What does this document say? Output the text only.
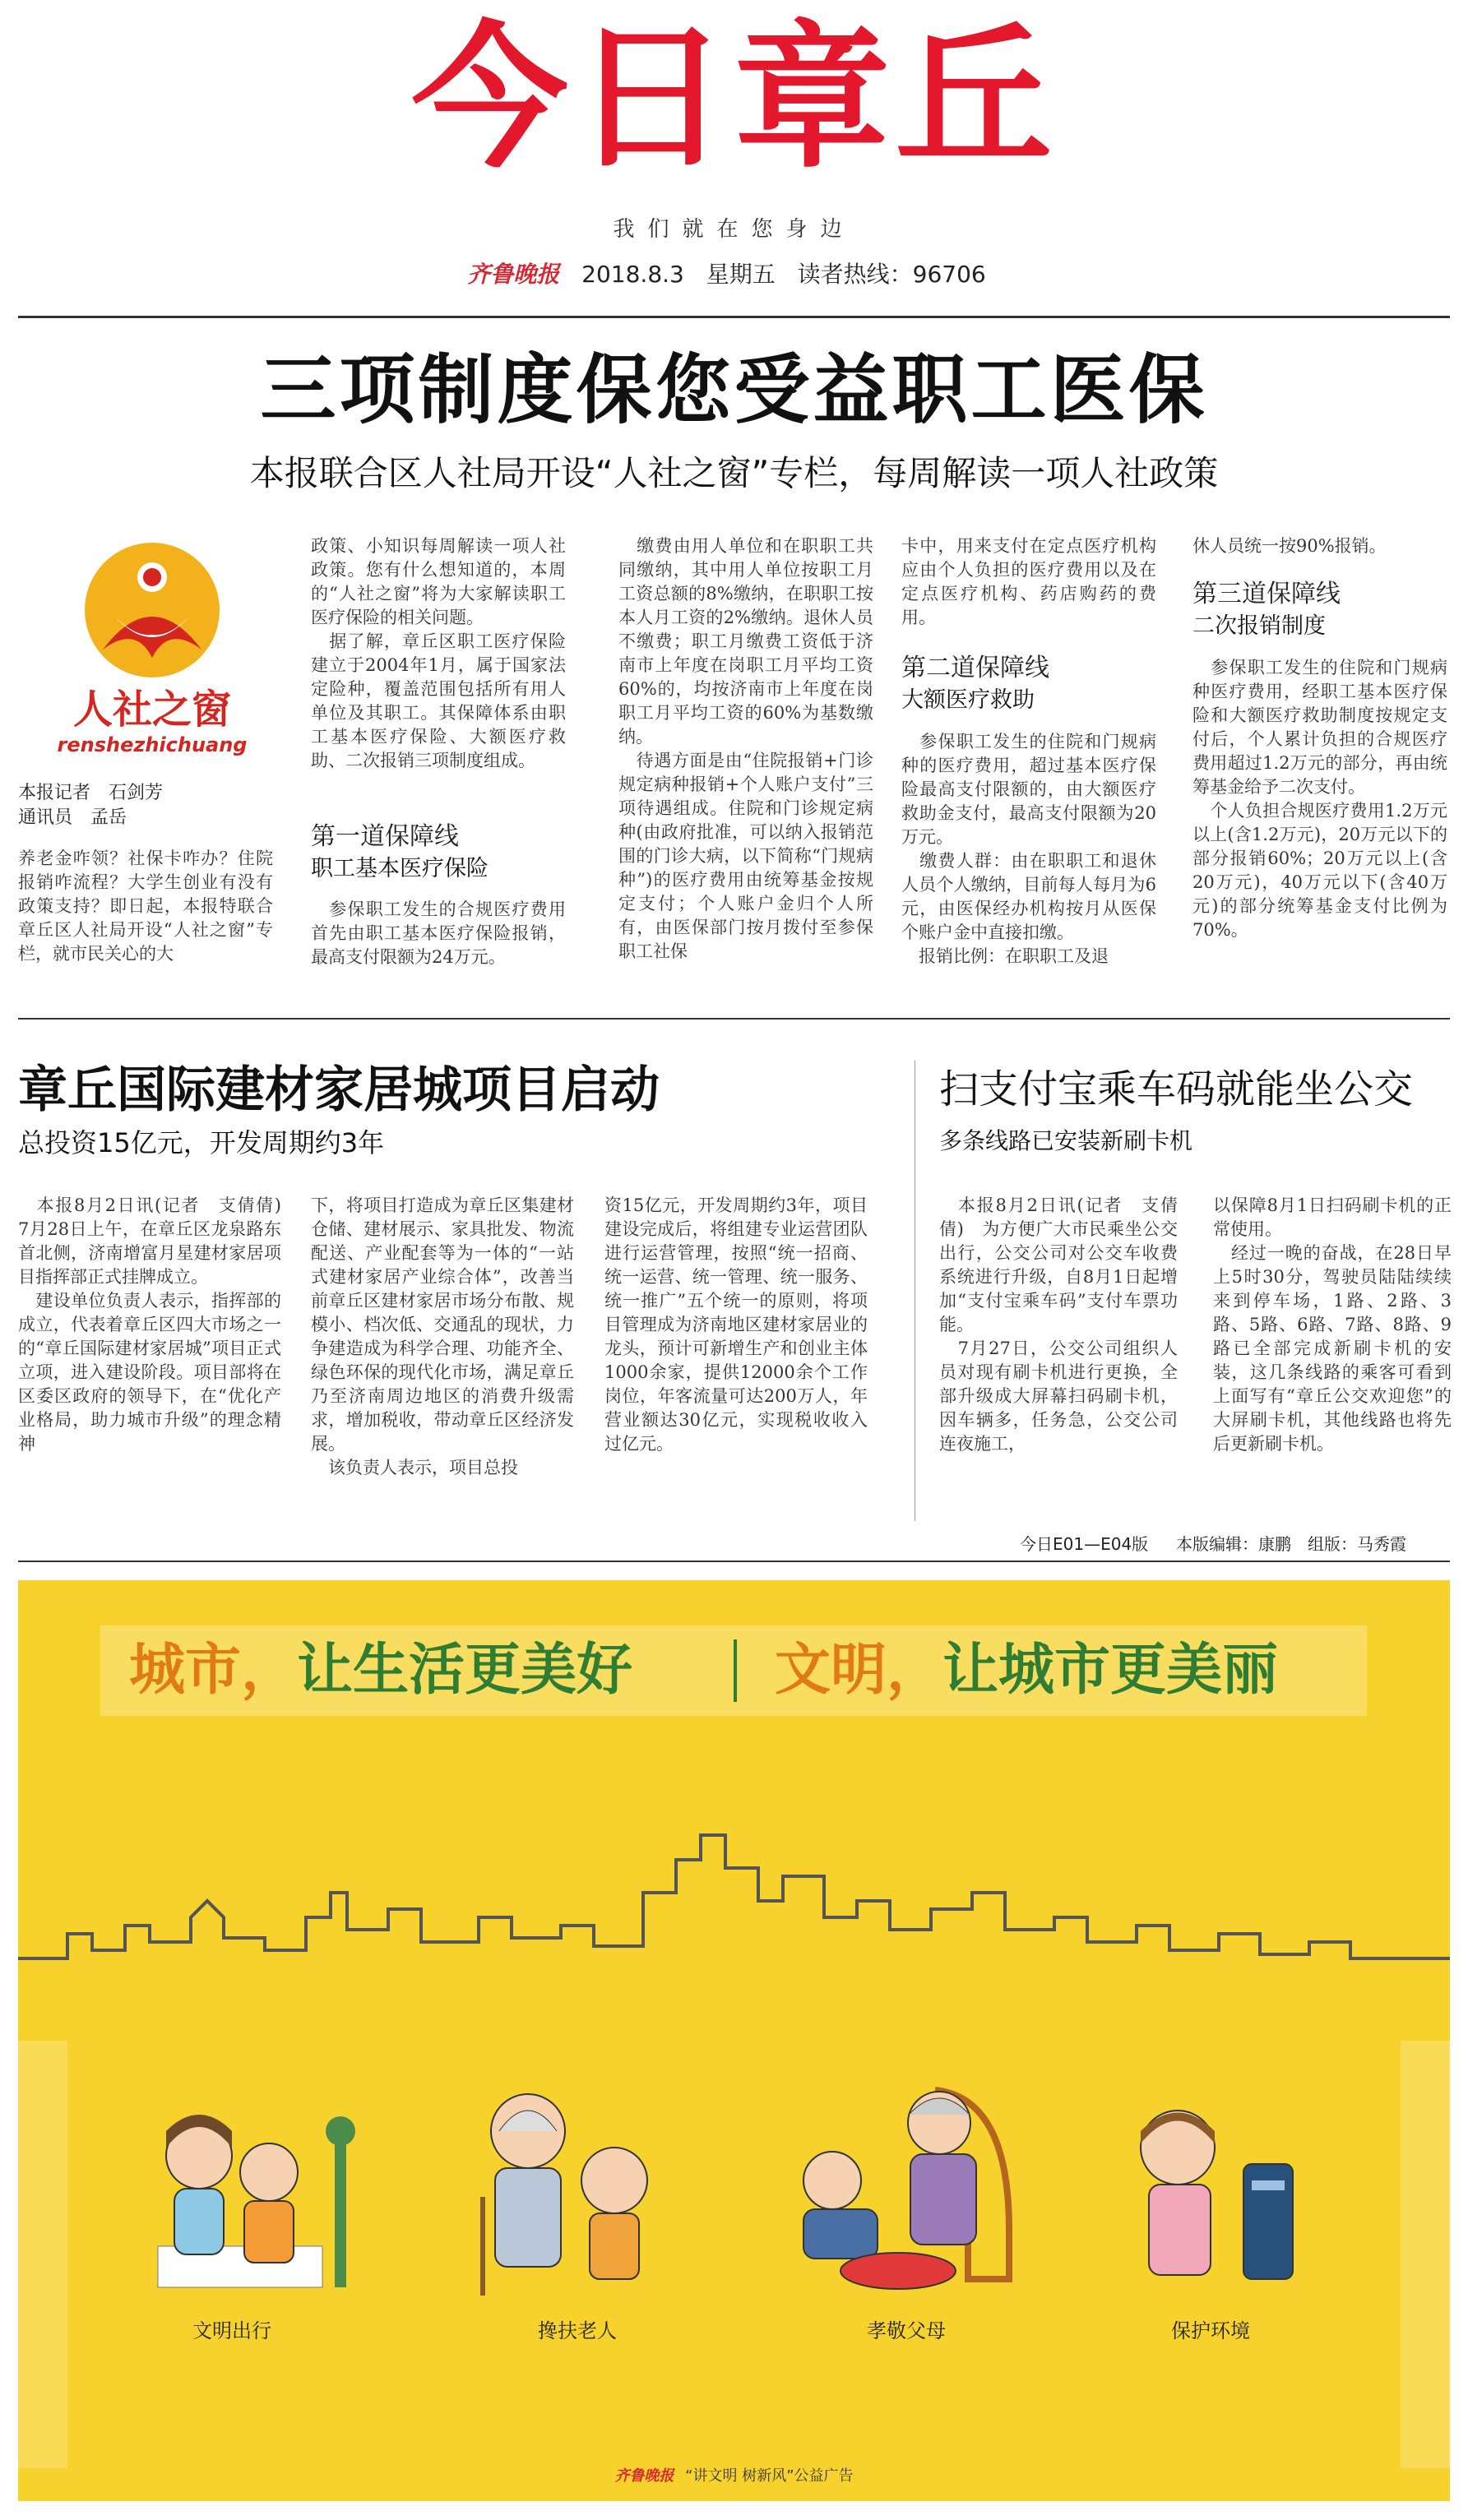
今日章丘
我们就在您身边
齐鲁晚报 2018.8.3 星期五 读者热线：96706
三项制度保您受益职工医保
本报联合区人社局开设“人社之窗”专栏，每周解读一项人社政策
人社之窗
renshezhichuang
本报记者　石剑芳
通讯员　孟岳
养老金咋领？社保卡咋办？住院报销咋流程？大学生创业有没有政策支持？即日起，本报特联合章丘区人社局开设“人社之窗”专栏，就市民关心的大
政策、小知识每周解读一项人社政策。您有什么想知道的，本周的“人社之窗”将为大家解读职工医疗保险的相关问题。
　据了解，章丘区职工医疗保险建立于2004年1月，属于国家法定险种，覆盖范围包括所有用人单位及其职工。其保障体系由职工基本医疗保险、大额医疗救助、二次报销三项制度组成。
第一道保障线
职工基本医疗保险
　参保职工发生的合规医疗费用首先由职工基本医疗保险报销，最高支付限额为24万元。
　缴费由用人单位和在职职工共同缴纳，其中用人单位按职工月工资总额的8%缴纳，在职职工按本人月工资的2%缴纳。退休人员不缴费；职工月缴费工资低于济南市上年度在岗职工月平均工资60%的，均按济南市上年度在岗职工月平均工资的60%为基数缴纳。
　待遇方面是由“住院报销+门诊规定病种报销+个人账户支付”三项待遇组成。住院和门诊规定病种(由政府批准，可以纳入报销范围的门诊大病，以下简称“门规病种”)的医疗费用由统筹基金按规定支付；个人账户金归个人所有，由医保部门按月拨付至参保职工社保
卡中，用来支付在定点医疗机构应由个人负担的医疗费用以及在定点医疗机构、药店购药的费用。
第二道保障线
大额医疗救助
　参保职工发生的住院和门规病种的医疗费用，超过基本医疗保险最高支付限额的，由大额医疗救助金支付，最高支付限额为20万元。
　缴费人群：由在职职工和退休人员个人缴纳，目前每人每月为6元，由医保经办机构按月从医保个账户金中直接扣缴。
　报销比例：在职职工及退
休人员统一按90%报销。
第三道保障线
二次报销制度
　参保职工发生的住院和门规病种医疗费用，经职工基本医疗保险和大额医疗救助制度按规定支付后，个人累计负担的合规医疗费用超过1.2万元的部分，再由统筹基金给予二次支付。
　个人负担合规医疗费用1.2万元以上(含1.2万元)，20万元以下的部分报销60%；20万元以上(含20万元)，40万元以下(含40万元)的部分统筹基金支付比例为70%。
章丘国际建材家居城项目启动
总投资15亿元，开发周期约3年
　本报8月2日讯(记者　支倩倩)　7月28日上午，在章丘区龙泉路东首北侧，济南增富月星建材家居项目指挥部正式挂牌成立。
　建设单位负责人表示，指挥部的成立，代表着章丘区四大市场之一的“章丘国际建材家居城”项目正式立项，进入建设阶段。项目部将在区委区政府的领导下，在“优化产业格局，助力城市升级”的理念精神
下，将项目打造成为章丘区集建材仓储、建材展示、家具批发、物流配送、产业配套等为一体的“一站式建材家居产业综合体”，改善当前章丘区建材家居市场分布散、规模小、档次低、交通乱的现状，力争建造成为科学合理、功能齐全、绿色环保的现代化市场，满足章丘乃至济南周边地区的消费升级需求，增加税收，带动章丘区经济发展。
　该负责人表示，项目总投
资15亿元，开发周期约3年，项目建设完成后，将组建专业运营团队进行运营管理，按照“统一招商、统一运营、统一管理、统一服务、统一推广”五个统一的原则，将项目管理成为济南地区建材家居业的龙头，预计可新增生产和创业主体1000余家，提供12000余个工作岗位，年客流量可达200万人，年营业额达30亿元，实现税收收入过亿元。
扫支付宝乘车码就能坐公交
多条线路已安装新刷卡机
　本报8月2日讯(记者　支倩倩)　为方便广大市民乘坐公交出行，公交公司对公交车收费系统进行升级，自8月1日起增加“支付宝乘车码”支付车票功能。
　7月27日，公交公司组织人员对现有刷卡机进行更换，全部升级成大屏幕扫码刷卡机，因车辆多，任务急，公交公司连夜施工，
以保障8月1日扫码刷卡机的正常使用。
　经过一晚的奋战，在28日早上5时30分，驾驶员陆陆续续来到停车场，1路、2路、3路、5路、6路、7路、8路、9路已全部完成新刷卡机的安装，这几条线路的乘客可看到上面写有“章丘公交欢迎您”的大屏刷卡机，其他线路也将先后更新刷卡机。
今日E01—E04版 本版编辑：康鹏　组版：马秀霞
城市，让生活更美好	文明，让城市更美丽
文明出行	搀扶老人	孝敬父母	保护环境
齐鲁晚报 “讲文明 树新风”公益广告
